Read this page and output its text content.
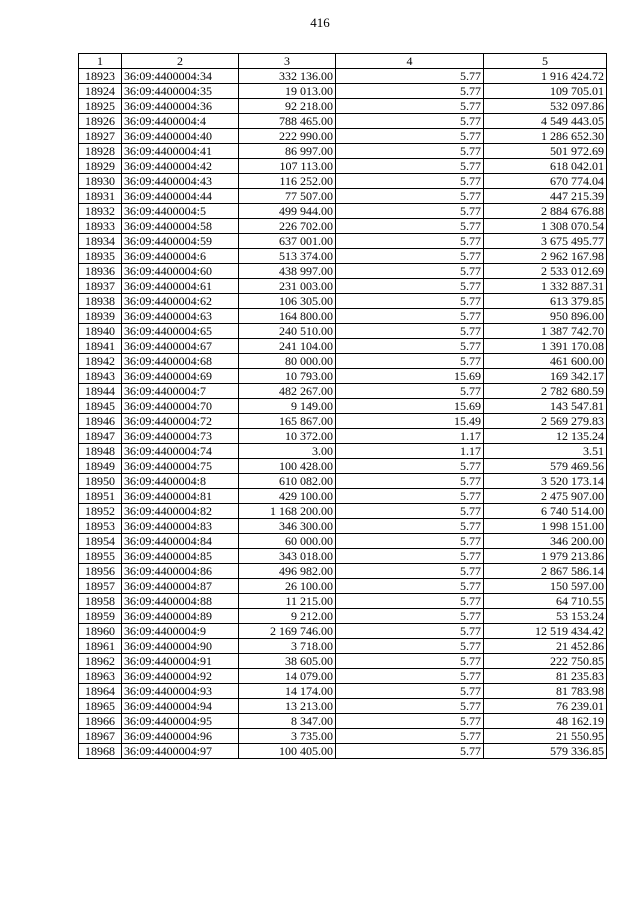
416
1	2	3	4	5
18923	36:09:4400004:34	332 136.00	5.77	1 916 424.72
18924	36:09:4400004:35	19 013.00	5.77	109 705.01
18925	36:09:4400004:36	92 218.00	5.77	532 097.86
18926	36:09:4400004:4	788 465.00	5.77	4 549 443.05
18927	36:09:4400004:40	222 990.00	5.77	1 286 652.30
18928	36:09:4400004:41	86 997.00	5.77	501 972.69
18929	36:09:4400004:42	107 113.00	5.77	618 042.01
18930	36:09:4400004:43	116 252.00	5.77	670 774.04
18931	36:09:4400004:44	77 507.00	5.77	447 215.39
18932	36:09:4400004:5	499 944.00	5.77	2 884 676.88
18933	36:09:4400004:58	226 702.00	5.77	1 308 070.54
18934	36:09:4400004:59	637 001.00	5.77	3 675 495.77
18935	36:09:4400004:6	513 374.00	5.77	2 962 167.98
18936	36:09:4400004:60	438 997.00	5.77	2 533 012.69
18937	36:09:4400004:61	231 003.00	5.77	1 332 887.31
18938	36:09:4400004:62	106 305.00	5.77	613 379.85
18939	36:09:4400004:63	164 800.00	5.77	950 896.00
18940	36:09:4400004:65	240 510.00	5.77	1 387 742.70
18941	36:09:4400004:67	241 104.00	5.77	1 391 170.08
18942	36:09:4400004:68	80 000.00	5.77	461 600.00
18943	36:09:4400004:69	10 793.00	15.69	169 342.17
18944	36:09:4400004:7	482 267.00	5.77	2 782 680.59
18945	36:09:4400004:70	9 149.00	15.69	143 547.81
18946	36:09:4400004:72	165 867.00	15.49	2 569 279.83
18947	36:09:4400004:73	10 372.00	1.17	12 135.24
18948	36:09:4400004:74	3.00	1.17	3.51
18949	36:09:4400004:75	100 428.00	5.77	579 469.56
18950	36:09:4400004:8	610 082.00	5.77	3 520 173.14
18951	36:09:4400004:81	429 100.00	5.77	2 475 907.00
18952	36:09:4400004:82	1 168 200.00	5.77	6 740 514.00
18953	36:09:4400004:83	346 300.00	5.77	1 998 151.00
18954	36:09:4400004:84	60 000.00	5.77	346 200.00
18955	36:09:4400004:85	343 018.00	5.77	1 979 213.86
18956	36:09:4400004:86	496 982.00	5.77	2 867 586.14
18957	36:09:4400004:87	26 100.00	5.77	150 597.00
18958	36:09:4400004:88	11 215.00	5.77	64 710.55
18959	36:09:4400004:89	9 212.00	5.77	53 153.24
18960	36:09:4400004:9	2 169 746.00	5.77	12 519 434.42
18961	36:09:4400004:90	3 718.00	5.77	21 452.86
18962	36:09:4400004:91	38 605.00	5.77	222 750.85
18963	36:09:4400004:92	14 079.00	5.77	81 235.83
18964	36:09:4400004:93	14 174.00	5.77	81 783.98
18965	36:09:4400004:94	13 213.00	5.77	76 239.01
18966	36:09:4400004:95	8 347.00	5.77	48 162.19
18967	36:09:4400004:96	3 735.00	5.77	21 550.95
18968	36:09:4400004:97	100 405.00	5.77	579 336.85
